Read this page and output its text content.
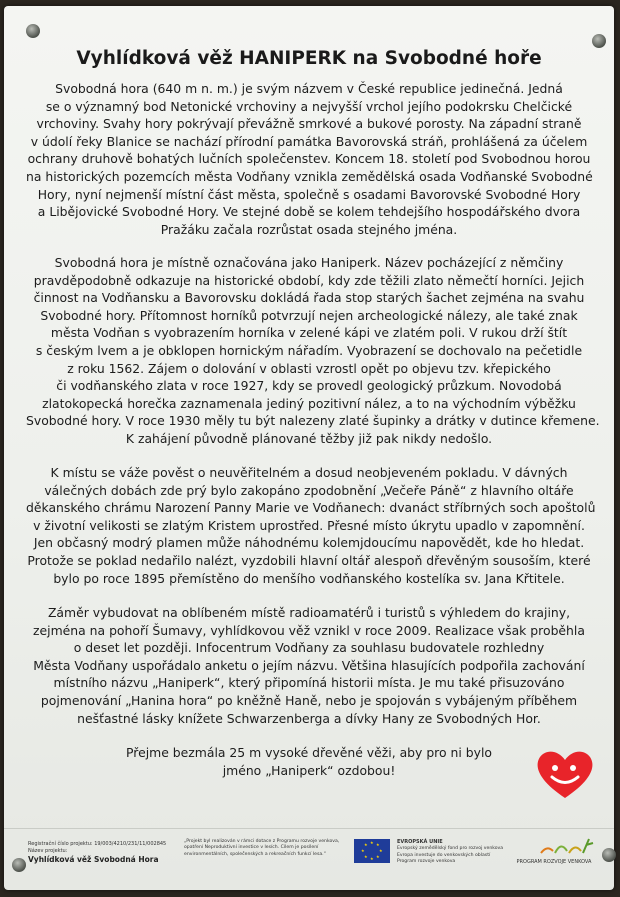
Vyhlídková věž HANIPERK na Svobodné hoře
Svobodná hora (640 m n. m.) je svým názvem v České republice jedinečná. Jedná
se o významný bod Netonické vrchoviny a nejvyšší vrchol jejího podokrsku Chelčické
vrchoviny. Svahy hory pokrývají převážně smrkové a bukové porosty. Na západní straně
v údolí řeky Blanice se nachází přírodní památka Bavorovská stráň, prohlášená za účelem
ochrany druhově bohatých lučních společenstev. Koncem 18. století pod Svobodnou horou
na historických pozemcích města Vodňany vznikla zemědělská osada Vodňanské Svobodné
Hory, nyní nejmenší místní část města, společně s osadami Bavorovské Svobodné Hory
a Libějovické Svobodné Hory. Ve stejné době se kolem tehdejšího hospodářského dvora
Pražáku začala rozrůstat osada stejného jména.
Svobodná hora je místně označována jako Haniperk. Název pocházející z němčiny
pravděpodobně odkazuje na historické období, kdy zde těžili zlato němečtí horníci. Jejich
činnost na Vodňansku a Bavorovsku dokládá řada stop starých šachet zejména na svahu
Svobodné hory. Přítomnost horníků potvrzují nejen archeologické nálezy, ale také znak
města Vodňan s vyobrazením horníka v zelené kápi ve zlatém poli. V rukou drží štít
s českým lvem a je obklopen hornickým nářadím. Vyobrazení se dochovalo na pečetidle
z roku 1562. Zájem o dolování v oblasti vzrostl opět po objevu tzv. křepického
či vodňanského zlata v roce 1927, kdy se provedl geologický průzkum. Novodobá
zlatokopecká horečka zaznamenala jediný pozitivní nález, a to na východním výběžku
Svobodné hory. V roce 1930 měly tu být nalezeny zlaté šupinky a drátky v dutince křemene.
K zahájení původně plánované těžby již pak nikdy nedošlo.
K místu se váže pověst o neuvěřitelném a dosud neobjeveném pokladu. V dávných
válečných dobách zde prý bylo zakopáno zpodobnění „Večeře Páně“ z hlavního oltáře
děkanského chrámu Narození Panny Marie ve Vodňanech: dvanáct stříbrných soch apoštolů
v životní velikosti se zlatým Kristem uprostřed. Přesné místo úkrytu upadlo v zapomnění.
Jen občasný modrý plamen může náhodnému kolemjdoucímu napovědět, kde ho hledat.
Protože se poklad nedařilo nalézt, vyzdobili hlavní oltář alespoň dřevěným sousoším, které
bylo po roce 1895 přemístěno do menšího vodňanského kostelíka sv. Jana Křtitele.
Záměr vybudovat na oblíbeném místě radioamatérů i turistů s výhledem do krajiny,
zejména na pohoří Šumavy, vyhlídkovou věž vznikl v roce 2009. Realizace však proběhla
o deset let později. Infocentrum Vodňany za souhlasu budovatele rozhledny
Města Vodňany uspořádalo anketu o jejím názvu. Většina hlasujících podpořila zachování
místního názvu „Haniperk“, který připomíná historii místa. Je mu také přisuzováno
pojmenování „Hanina hora“ po kněžně Haně, nebo je spojován s vybájeným příběhem
nešťastné lásky knížete Schwarzenberga a dívky Hany ze Svobodných Hor.
Přejme bezmála 25 m vysoké dřevěné věži, aby pro ni bylo
jméno „Haniperk“ ozdobou!
Registrační číslo projektu: 19/003/4210/231/11/002845
Název projektu:
Vyhlídková věž Svobodná Hora
„Projekt byl realizován v rámci dotace z Programu rozvoje venkova, opatření Neproduktivní investice v lesích. Cílem je posílení environmentálních, společenských a rekreačních funkcí lesa.“
★ ★
★
★
★
★
★
★	EVROPSKÁ UNIE
Evropský zemědělský fond pro rozvoj venkova
Evropa investuje do venkovských oblastí
Program rozvoje venkova	PROGRAM ROZVOJE VENKOVA
